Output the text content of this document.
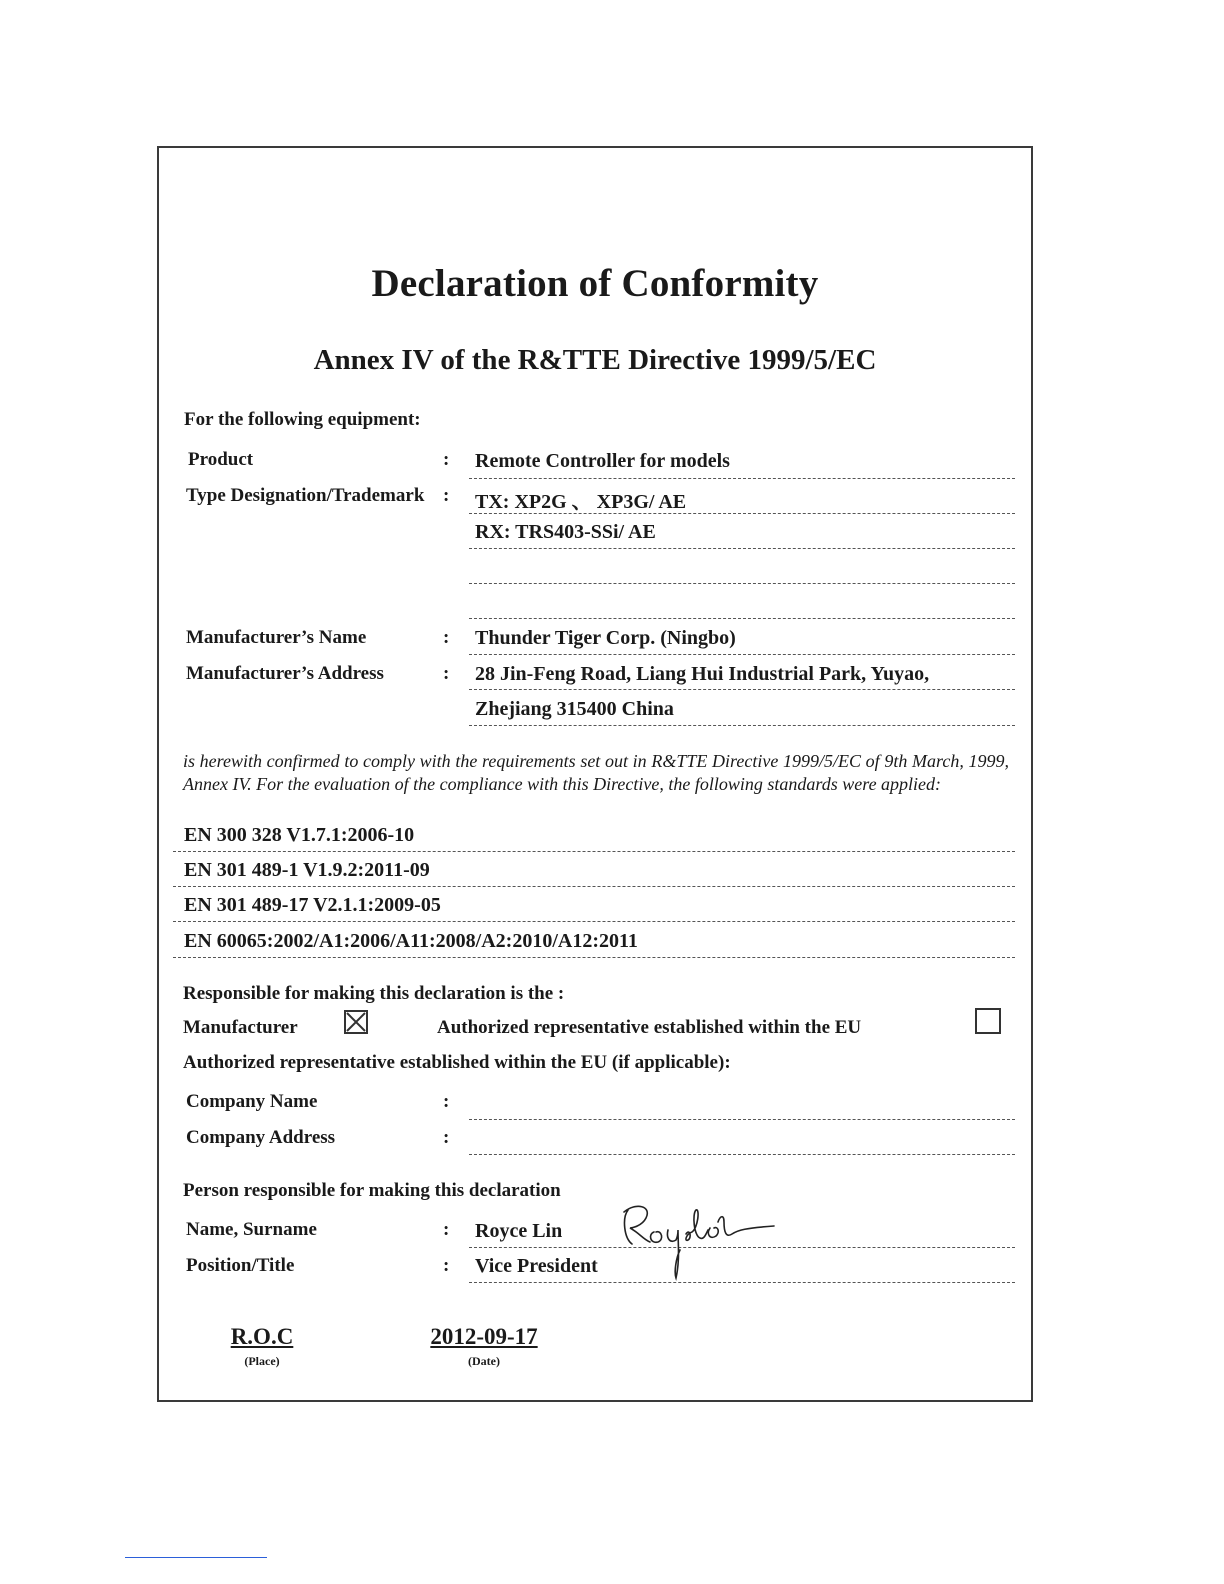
Declaration of Conformity
Annex IV of the R&TTE Directive 1999/5/EC
For the following equipment:
Product	: Remote Controller for models
Type Designation/Trademark : TX: XP2G 、 XP3G/ AE
RX: TRS403-SSi/ AE
Manufacturer’s Name	: Thunder Tiger Corp. (Ningbo)
Manufacturer’s Address	: 28 Jin-Feng Road, Liang Hui Industrial Park, Yuyao,
Zhejiang 315400 China
is herewith confirmed to comply with the requirements set out in R&TTE Directive 1999/5/EC of 9th March, 1999, Annex IV. For the evaluation of the compliance with this Directive, the following standards were applied:
EN 300 328 V1.7.1:2006-10
EN 301 489-1 V1.9.2:2011-09
EN 301 489-17 V2.1.1:2009-05
EN 60065:2002/A1:2006/A11:2008/A2:2010/A12:2011
Responsible for making this declaration is the :
Manufacturer	Authorized representative established within the EU
Authorized representative established within the EU (if applicable):
Company Name	:
Company Address	:
Person responsible for making this declaration
Name, Surname	: Royce Lin
Position/Title	: Vice President
R.O.C
(Place)
2012-09-17
(Date)
